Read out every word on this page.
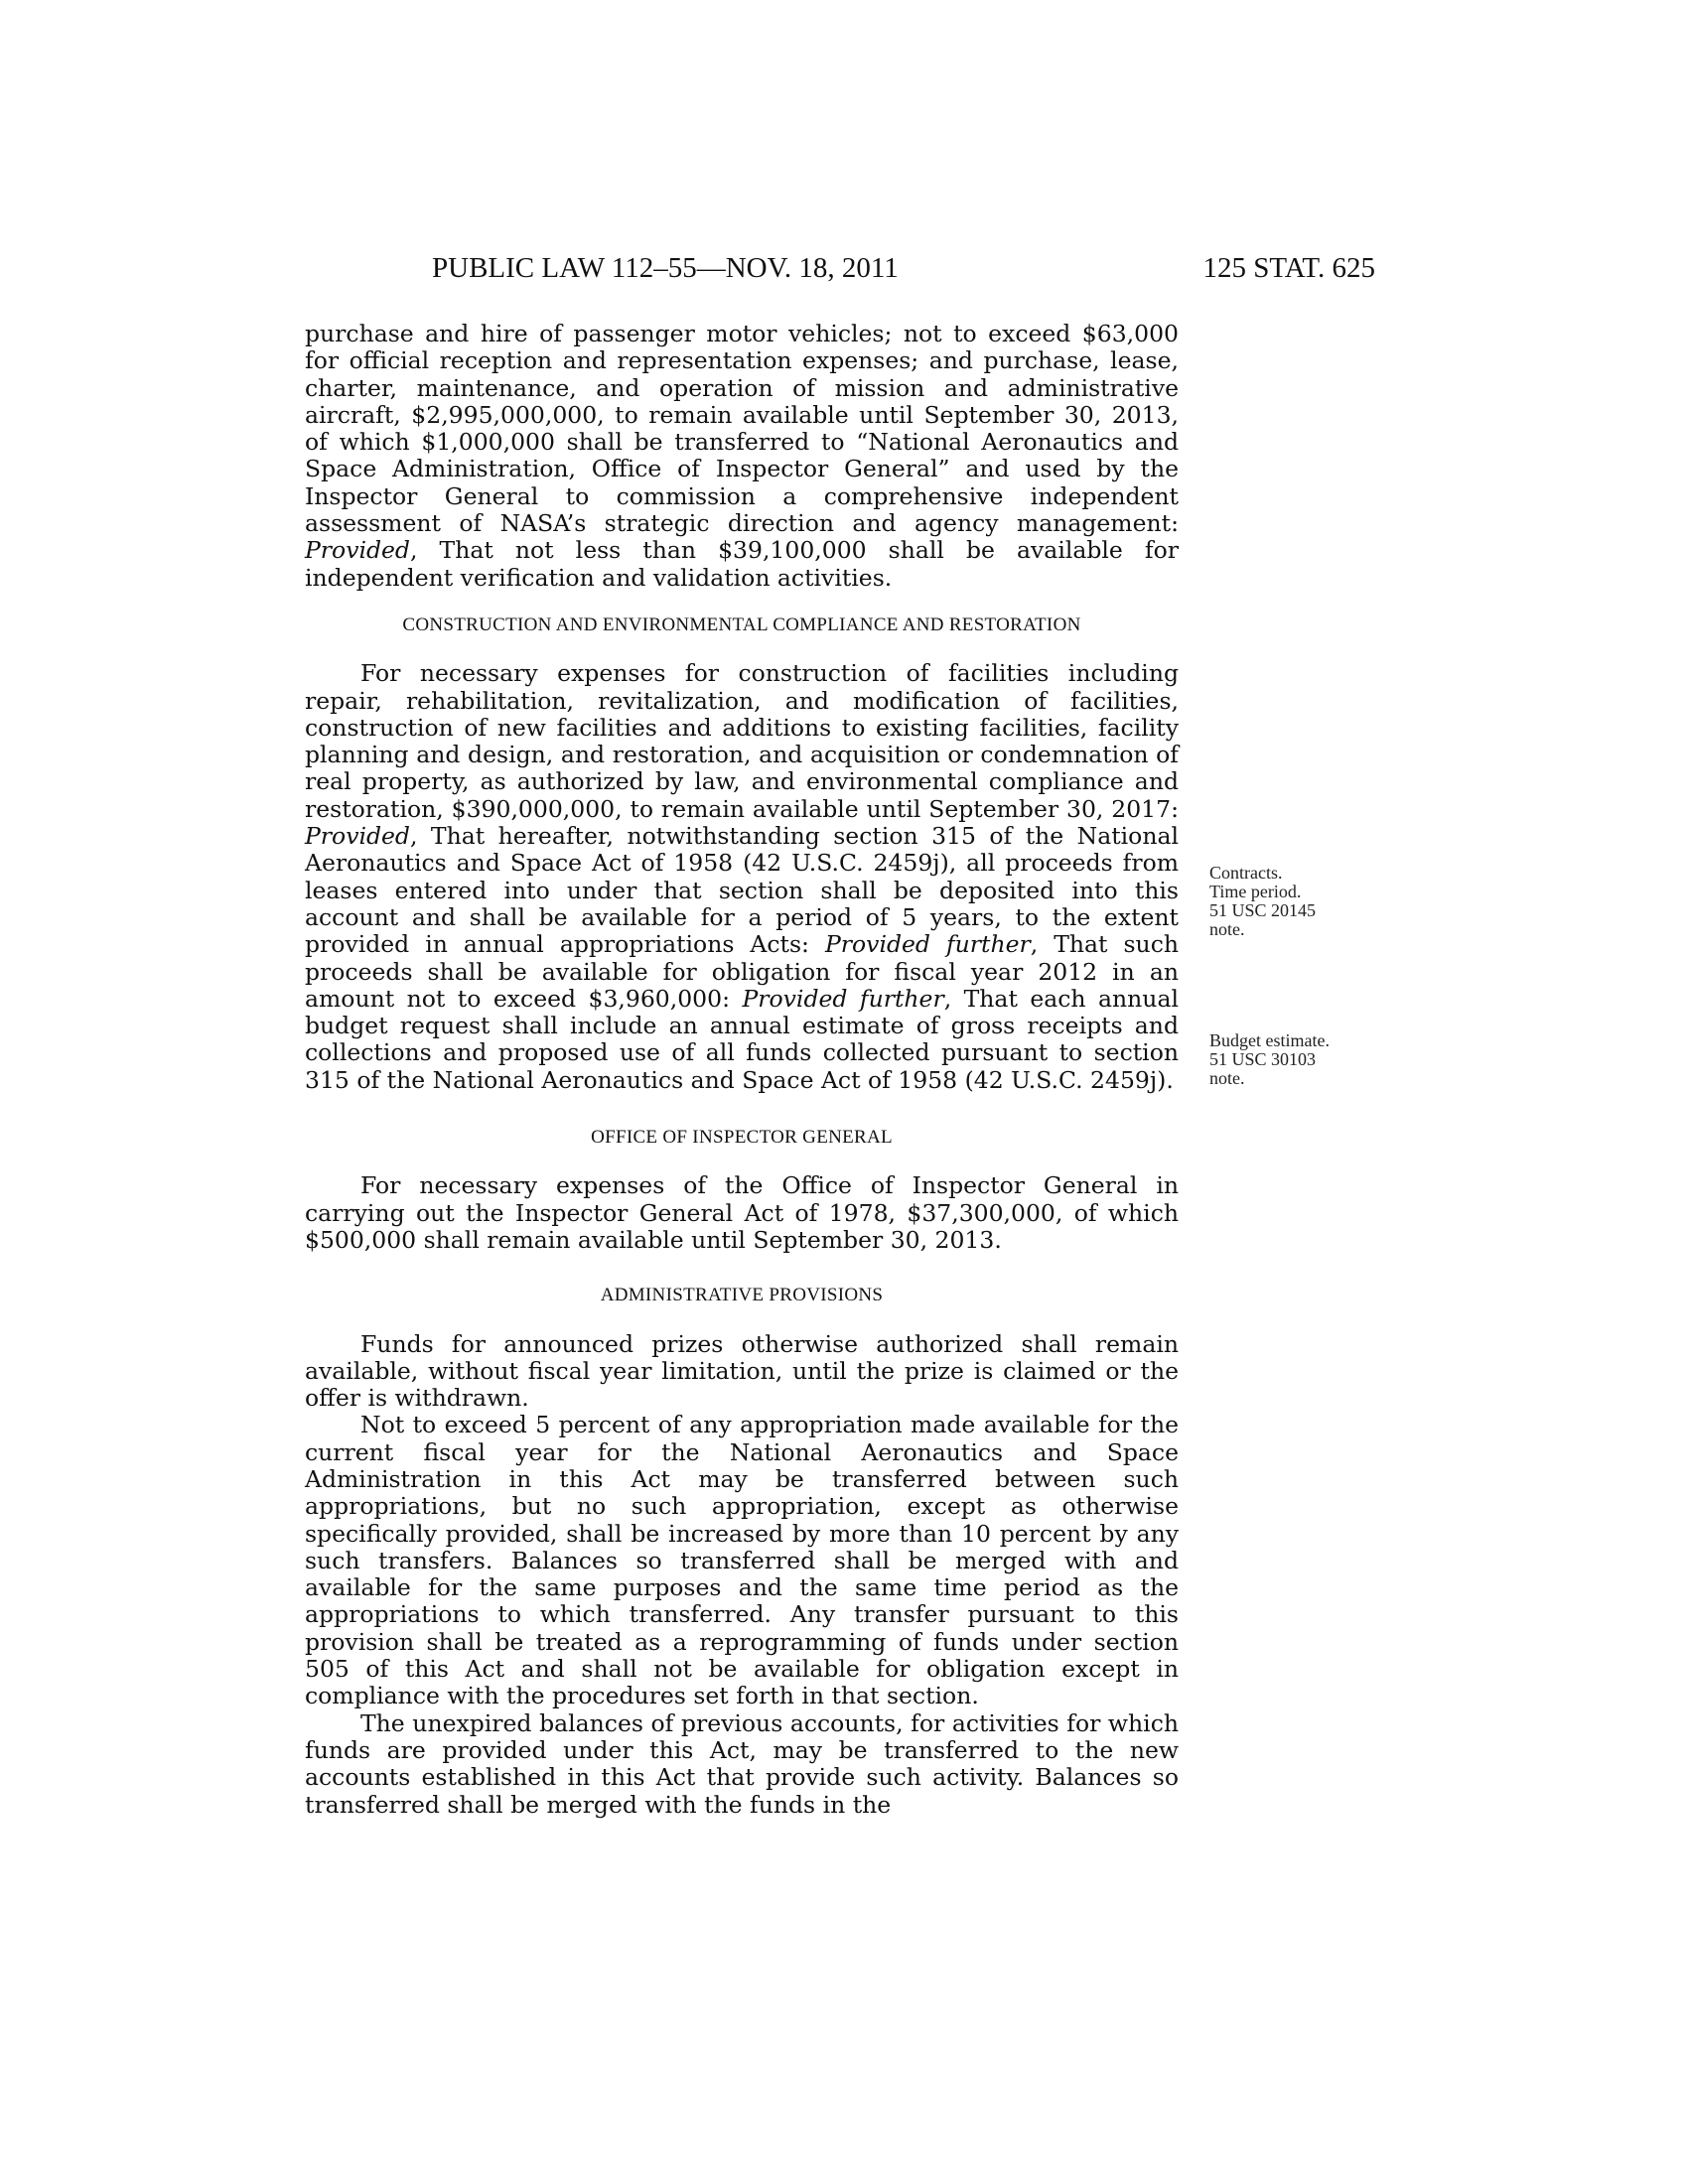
PUBLIC LAW 112–55—NOV. 18, 2011	125 STAT. 625

purchase and hire of passenger motor vehicles; not to exceed $63,000 for official reception and representation expenses; and purchase, lease, charter, maintenance, and operation of mission and administrative aircraft, $2,995,000,000, to remain available until September 30, 2013, of which $1,000,000 shall be transferred to “National Aeronautics and Space Administration, Office of Inspector General” and used by the Inspector General to commission a comprehensive independent assessment of NASA’s strategic direction and agency management: Provided, That not less than $39,100,000 shall be available for independent verification and validation activities.

CONSTRUCTION AND ENVIRONMENTAL COMPLIANCE AND RESTORATION

For necessary expenses for construction of facilities including repair, rehabilitation, revitalization, and modification of facilities, construction of new facilities and additions to existing facilities, facility planning and design, and restoration, and acquisition or condemnation of real property, as authorized by law, and environmental compliance and restoration, $390,000,000, to remain available until September 30, 2017: Provided, That hereafter, notwithstanding section 315 of the National Aeronautics and Space Act of 1958 (42 U.S.C. 2459j), all proceeds from leases entered into under that section shall be deposited into this account and shall be available for a period of 5 years, to the extent provided in annual appropriations Acts: Provided further, That such proceeds shall be available for obligation for fiscal year 2012 in an amount not to exceed $3,960,000: Provided further, That each annual budget request shall include an annual estimate of gross receipts and collections and proposed use of all funds collected pursuant to section 315 of the National Aeronautics and Space Act of 1958 (42 U.S.C. 2459j).

OFFICE OF INSPECTOR GENERAL

For necessary expenses of the Office of Inspector General in carrying out the Inspector General Act of 1978, $37,300,000, of which $500,000 shall remain available until September 30, 2013.

ADMINISTRATIVE PROVISIONS

Funds for announced prizes otherwise authorized shall remain available, without fiscal year limitation, until the prize is claimed or the offer is withdrawn.

Not to exceed 5 percent of any appropriation made available for the current fiscal year for the National Aeronautics and Space Administration in this Act may be transferred between such appropriations, but no such appropriation, except as otherwise specifically provided, shall be increased by more than 10 percent by any such transfers. Balances so transferred shall be merged with and available for the same purposes and the same time period as the appropriations to which transferred. Any transfer pursuant to this provision shall be treated as a reprogramming of funds under section 505 of this Act and shall not be available for obligation except in compliance with the procedures set forth in that section.

The unexpired balances of previous accounts, for activities for which funds are provided under this Act, may be transferred to the new accounts established in this Act that provide such activity. Balances so transferred shall be merged with the funds in the

Contracts.
Time period.
51 USC 20145
note.
Budget estimate.
51 USC 30103
note.
